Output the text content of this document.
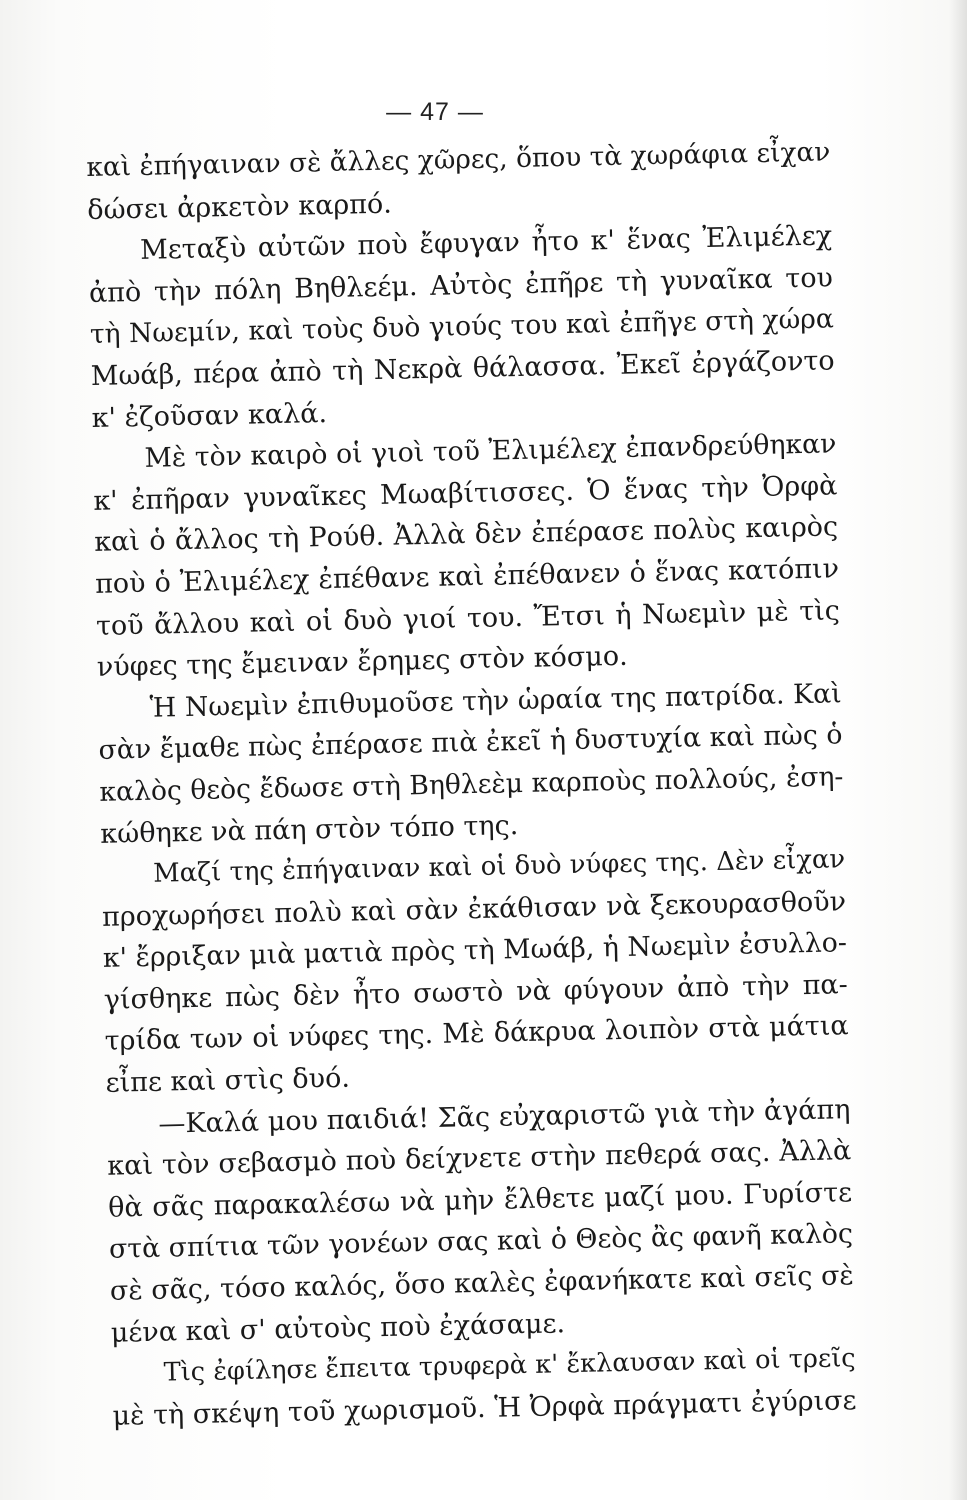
— 47 —
καὶ ἐπήγαιναν σὲ ἄλλες χῶρες, ὅπου τὰ χωράφια εἶχαν
δώσει ἀρκετὸν καρπό.
Μεταξὺ αὐτῶν ποὺ ἔφυγαν ἦτο κ' ἕνας Ἐλιμέλεχ
ἀπὸ τὴν πόλη Βηθλεέμ. Αὐτὸς ἐπῆρε τὴ γυναῖκα του
τὴ Νωεμίν, καὶ τοὺς δυὸ γιούς του καὶ ἐπῆγε στὴ χώρα
Μωάβ, πέρα ἀπὸ τὴ Νεκρὰ θάλασσα. Ἐκεῖ ἐργάζοντο
κ' ἐζοῦσαν καλά.
Μὲ τὸν καιρὸ οἱ γιοὶ τοῦ Ἐλιμέλεχ ἐπανδρεύθηκαν
κ' ἐπῆραν γυναῖκες Μωαβίτισσες. Ὁ ἕνας τὴν Ὀρφὰ
καὶ ὁ ἄλλος τὴ Ρούθ. Ἀλλὰ δὲν ἐπέρασε πολὺς καιρὸς
ποὺ ὁ Ἐλιμέλεχ ἐπέθανε καὶ ἐπέθανεν ὁ ἕνας κατόπιν
τοῦ ἄλλου καὶ οἱ δυὸ γιοί του. Ἔτσι ἡ Νωεμὶν μὲ τὶς
νύφες της ἔμειναν ἔρημες στὸν κόσμο.
Ἡ Νωεμὶν ἐπιθυμοῦσε τὴν ὡραία της πατρίδα. Καὶ
σὰν ἔμαθε πὼς ἐπέρασε πιὰ ἐκεῖ ἡ δυστυχία καὶ πὼς ὁ
καλὸς θεὸς ἔδωσε στὴ Βηθλεὲμ καρποὺς πολλούς, ἐση-
κώθηκε νὰ πάη στὸν τόπο της.
Μαζί της ἐπήγαιναν καὶ οἱ δυὸ νύφες της. Δὲν εἶχαν
προχωρήσει πολὺ καὶ σὰν ἐκάθισαν νὰ ξεκουρασθοῦν
κ' ἔρριξαν μιὰ ματιὰ πρὸς τὴ Μωάβ, ἡ Νωεμὶν ἐσυλλο-
γίσθηκε πὼς δὲν ἦτο σωστὸ νὰ φύγουν ἀπὸ τὴν πα-
τρίδα των οἱ νύφες της. Μὲ δάκρυα λοιπὸν στὰ μάτια
εἶπε καὶ στὶς δυό.
—Καλά μου παιδιά! Σᾶς εὐχαριστῶ γιὰ τὴν ἀγάπη
καὶ τὸν σεβασμὸ ποὺ δείχνετε στὴν πεθερά σας. Ἀλλὰ
θὰ σᾶς παρακαλέσω νὰ μὴν ἔλθετε μαζί μου. Γυρίστε
στὰ σπίτια τῶν γονέων σας καὶ ὁ Θεὸς ἂς φανῆ καλὸς
σὲ σᾶς, τόσο καλός, ὅσο καλὲς ἐφανήκατε καὶ σεῖς σὲ
μένα καὶ σ' αὐτοὺς ποὺ ἐχάσαμε.
Τὶς ἐφίλησε ἔπειτα τρυφερὰ κ' ἔκλαυσαν καὶ οἱ τρεῖς
μὲ τὴ σκέψη τοῦ χωρισμοῦ. Ἡ Ὀρφὰ πράγματι ἐγύρισε
